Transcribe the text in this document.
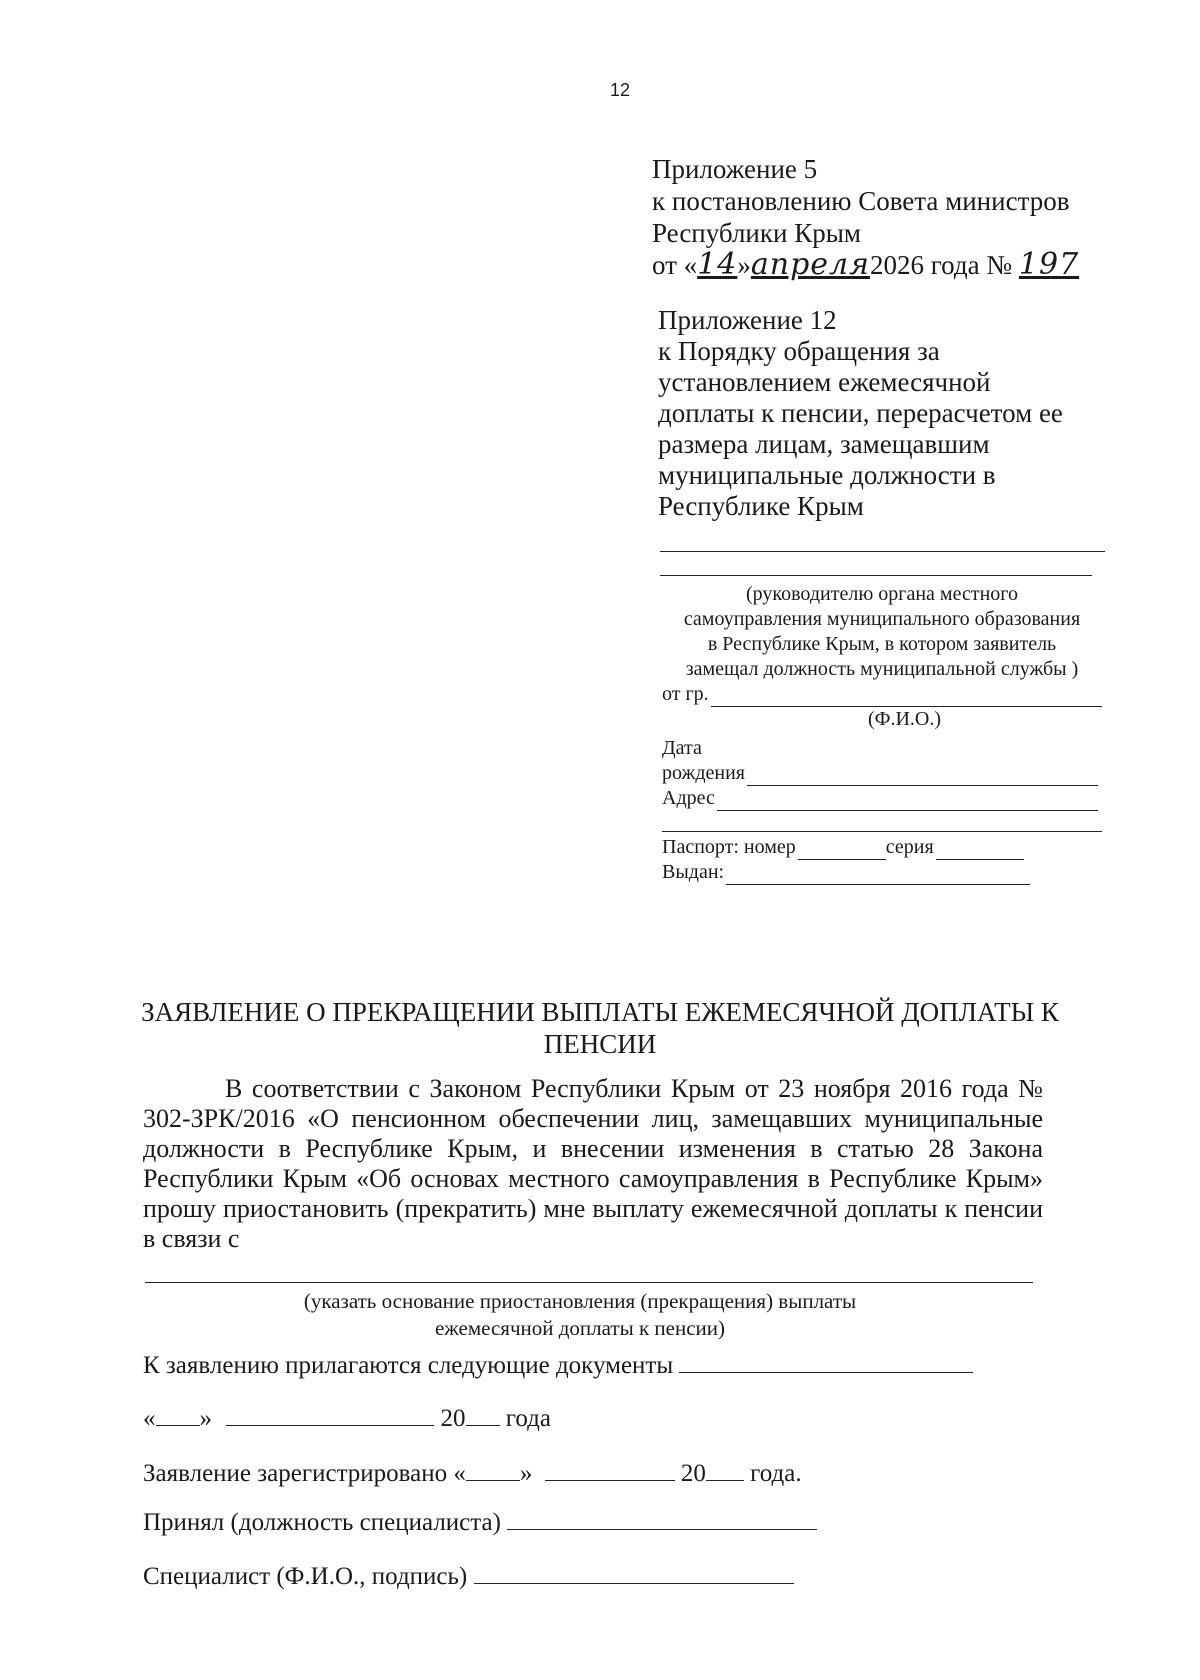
12
Приложение 5
к постановлению Совета министров
Республики Крым
от «14»апреля2026 года № 197
Приложение 12
к Порядку обращения за
установлением ежемесячной
доплаты к пенсии, перерасчетом ее
размера лицам, замещавшим
муниципальные должности в
Республике Крым
(руководителю органа местного
самоуправления муниципального образования
в Республике Крым, в котором заявитель
замещал должность муниципальной службы )
от гр.
(Ф.И.О.)
Дата
рождения
Адрес
Паспорт: номер	серия
Выдан:
ЗАЯВЛЕНИЕ О ПРЕКРАЩЕНИИ ВЫПЛАТЫ ЕЖЕМЕСЯЧНОЙ ДОПЛАТЫ К
ПЕНСИИ
В соответствии с Законом Республики Крым от 23 ноября 2016 года № 302-ЗРК/2016 «О пенсионном обеспечении лиц, замещавших муниципальные должности в Республике Крым, и внесении изменения в статью 28 Закона Республики Крым «Об основах местного самоуправления в Республике Крым» прошу приостановить (прекратить) мне выплату ежемесячной доплаты к пенсии в связи с
(указать основание приостановления (прекращения) выплаты
ежемесячной доплаты к пенсии)
К заявлению прилагаются следующие документы
« »	20 года
Заявление зарегистрировано « »	20 года.
Принял (должность специалиста)
Специалист (Ф.И.О., подпись)
